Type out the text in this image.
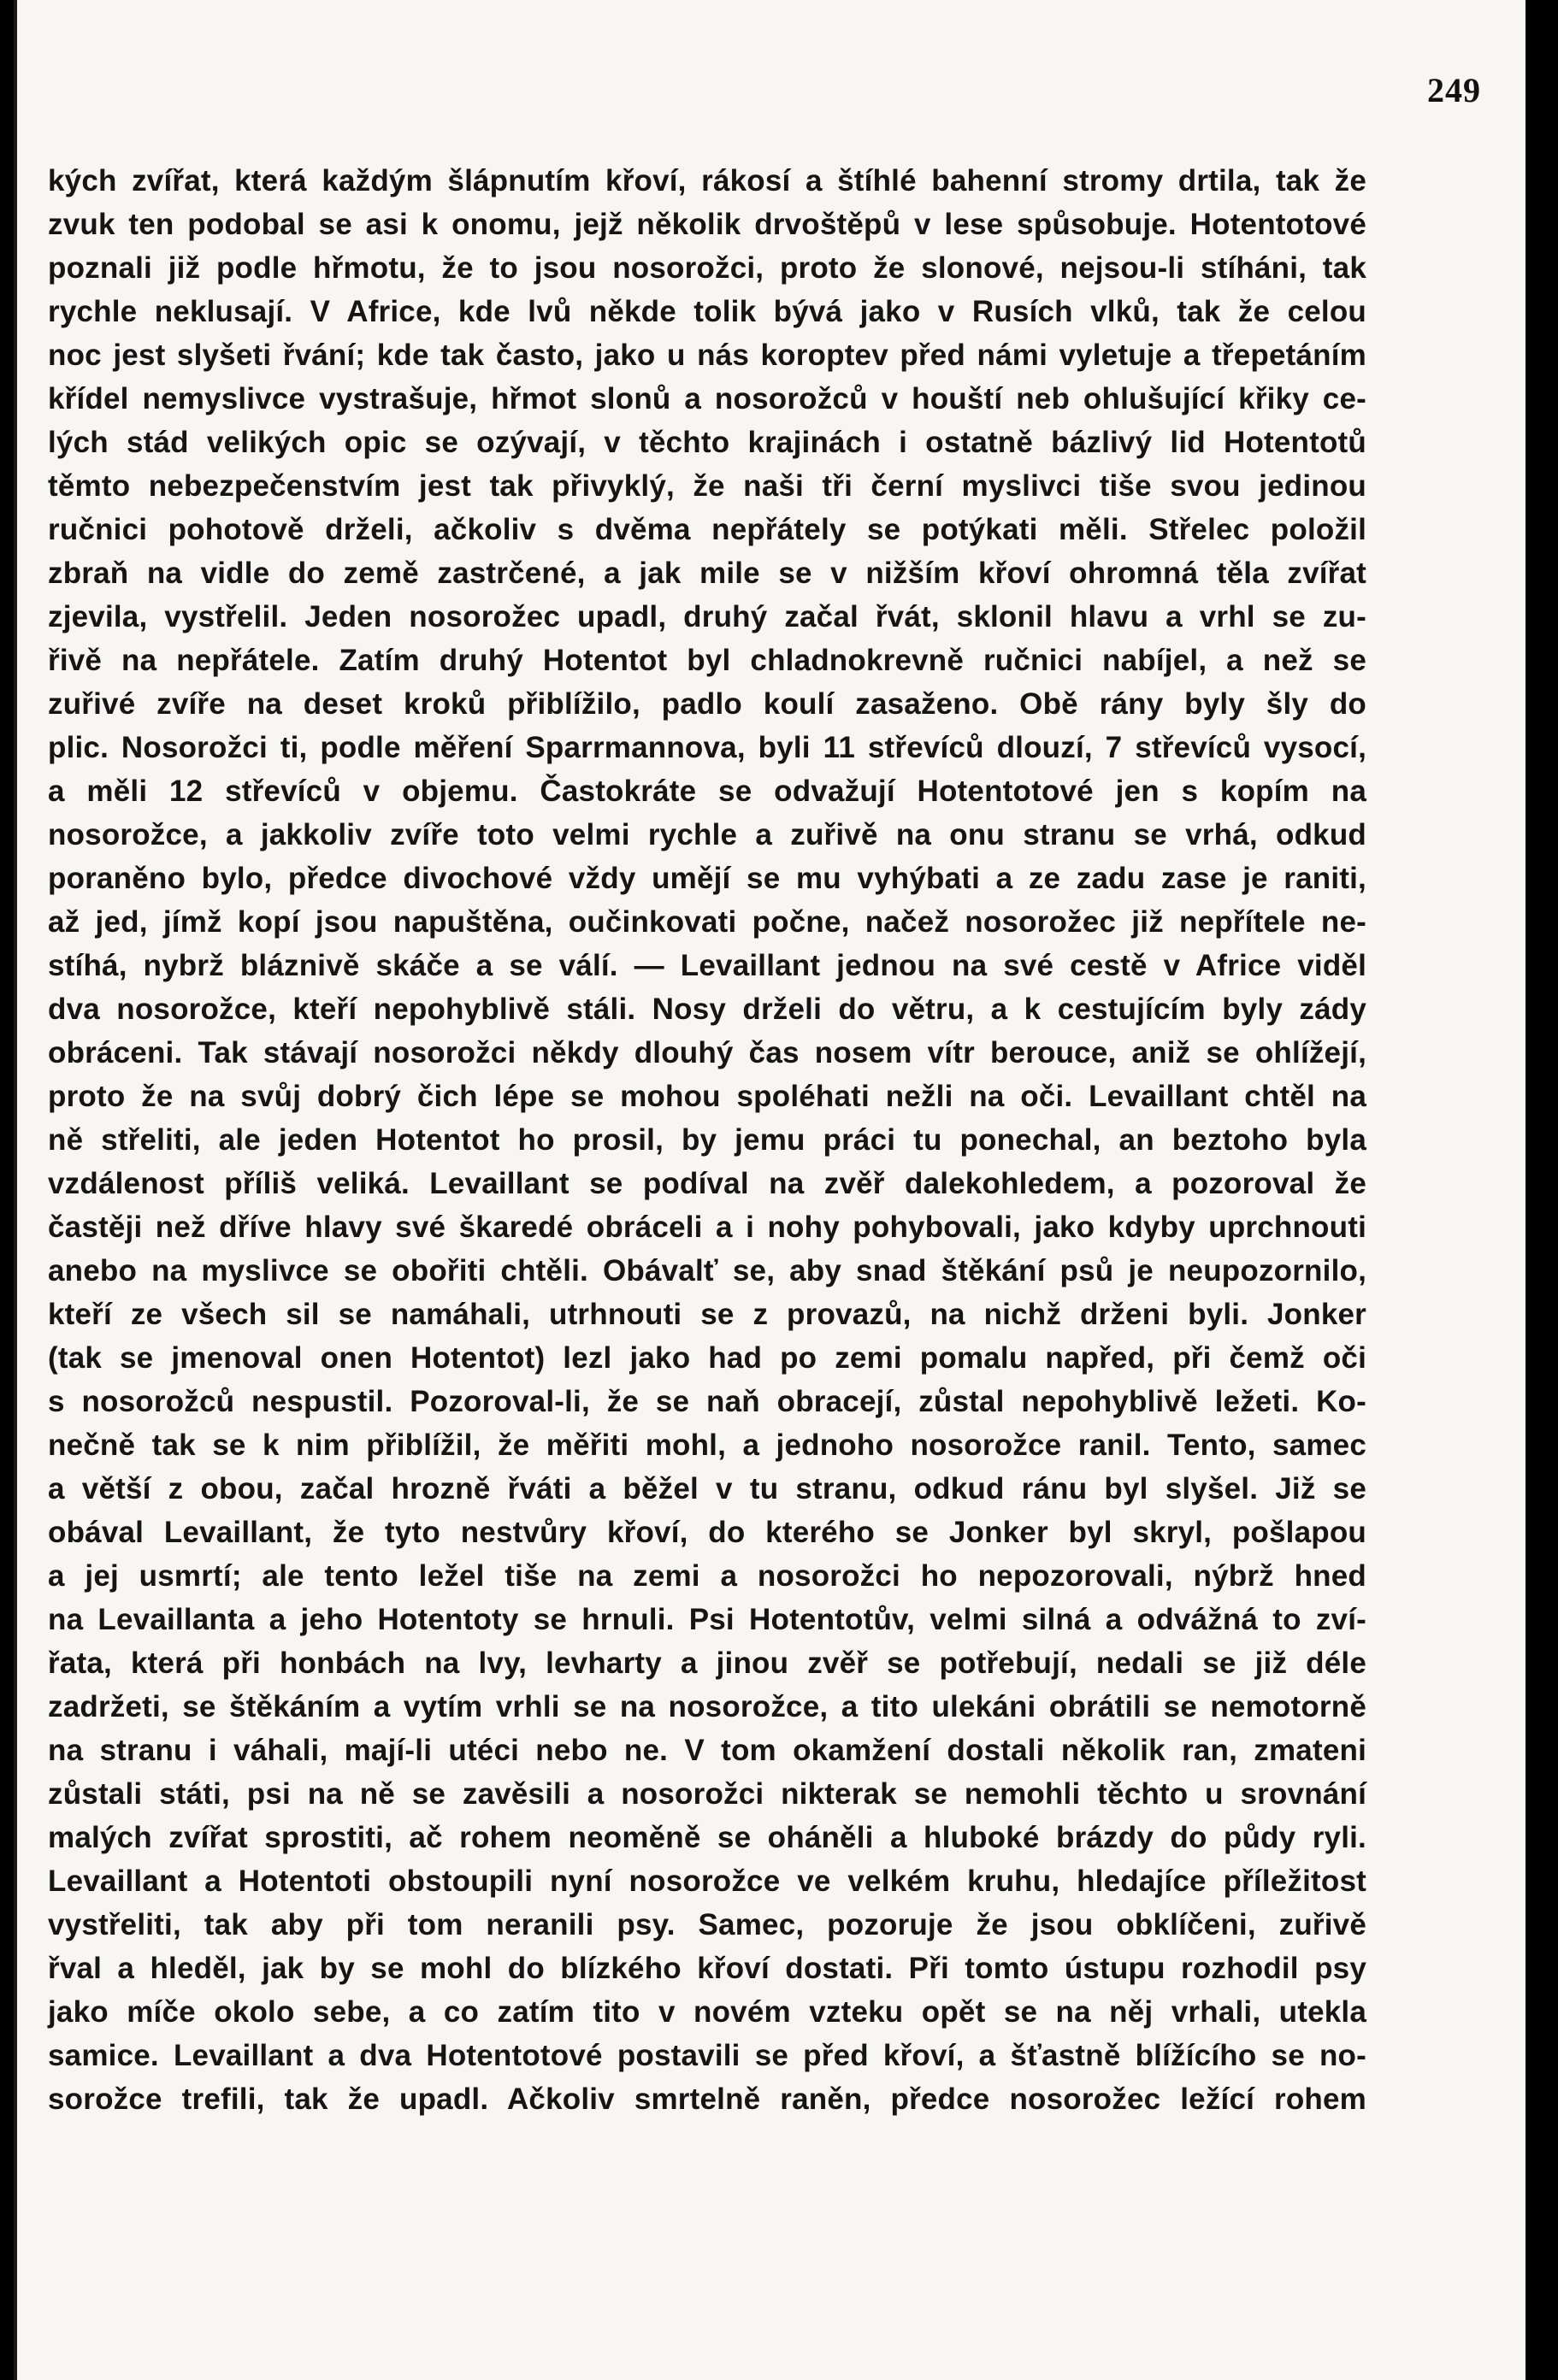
249
kých zvířat, která každým šlápnutím křoví, rákosí a štíhlé bahenní stromy drtila, tak že
zvuk ten podobal se asi k onomu, jejž několik drvoštěpů v lese spůsobuje. Hotentotové
poznali již podle hřmotu, že to jsou nosorožci, proto že slonové, nejsou-li stíháni, tak
rychle neklusají. V Africe, kde lvů někde tolik bývá jako v Rusích vlků, tak že celou
noc jest slyšeti řvání; kde tak často, jako u nás koroptev před námi vyletuje a třepetáním
křídel nemyslivce vystrašuje, hřmot slonů a nosorožců v houští neb ohlušující křiky ce-
lých stád velikých opic se ozývají, v těchto krajinách i ostatně bázlivý lid Hotentotů
těmto nebezpečenstvím jest tak přivyklý, že naši tři černí myslivci tiše svou jedinou
ručnici pohotově drželi, ačkoliv s dvěma nepřátely se potýkati měli. Střelec položil
zbraň na vidle do země zastrčené, a jak mile se v nižším křoví ohromná těla zvířat
zjevila, vystřelil. Jeden nosorožec upadl, druhý začal řvát, sklonil hlavu a vrhl se zu-
řivě na nepřátele. Zatím druhý Hotentot byl chladnokrevně ručnici nabíjel, a než se
zuřivé zvíře na deset kroků přiblížilo, padlo koulí zasaženo. Obě rány byly šly do
plic. Nosorožci ti, podle měření Sparrmannova, byli 11 střevíců dlouzí, 7 střevíců vysocí,
a měli 12 střevíců v objemu. Častokráte se odvažují Hotentotové jen s kopím na
nosorožce, a jakkoliv zvíře toto velmi rychle a zuřivě na onu stranu se vrhá, odkud
poraněno bylo, předce divochové vždy umějí se mu vyhýbati a ze zadu zase je raniti,
až jed, jímž kopí jsou napuštěna, oučinkovati počne, načež nosorožec již nepřítele ne-
stíhá, nybrž bláznivě skáče a se válí. — Levaillant jednou na své cestě v Africe viděl
dva nosorožce, kteří nepohyblivě stáli. Nosy drželi do větru, a k cestujícím byly zády
obráceni. Tak stávají nosorožci někdy dlouhý čas nosem vítr berouce, aniž se ohlížejí,
proto že na svůj dobrý čich lépe se mohou spoléhati nežli na oči. Levaillant chtěl na
ně střeliti, ale jeden Hotentot ho prosil, by jemu práci tu ponechal, an beztoho byla
vzdálenost příliš veliká. Levaillant se podíval na zvěř dalekohledem, a pozoroval že
častěji než dříve hlavy své škaredé obráceli a i nohy pohybovali, jako kdyby uprchnouti
anebo na myslivce se obořiti chtěli. Obávalť se, aby snad štěkání psů je neupozornilo,
kteří ze všech sil se namáhali, utrhnouti se z provazů, na nichž drženi byli. Jonker
(tak se jmenoval onen Hotentot) lezl jako had po zemi pomalu napřed, při čemž oči
s nosorožců nespustil. Pozoroval-li, že se naň obracejí, zůstal nepohyblivě ležeti. Ko-
nečně tak se k nim přiblížil, že měřiti mohl, a jednoho nosorožce ranil. Tento, samec
a větší z obou, začal hrozně řváti a běžel v tu stranu, odkud ránu byl slyšel. Již se
obával Levaillant, že tyto nestvůry křoví, do kterého se Jonker byl skryl, pošlapou
a jej usmrtí; ale tento ležel tiše na zemi a nosorožci ho nepozorovali, nýbrž hned
na Levaillanta a jeho Hotentoty se hrnuli. Psi Hotentotův, velmi silná a odvážná to zví-
řata, která při honbách na lvy, levharty a jinou zvěř se potřebují, nedali se již déle
zadržeti, se štěkáním a vytím vrhli se na nosorožce, a tito ulekáni obrátili se nemotorně
na stranu i váhali, mají-li utéci nebo ne. V tom okamžení dostali několik ran, zmateni
zůstali státi, psi na ně se zavěsili a nosorožci nikterak se nemohli těchto u srovnání
malých zvířat sprostiti, ač rohem neoměně se oháněli a hluboké brázdy do půdy ryli.
Levaillant a Hotentoti obstoupili nyní nosorožce ve velkém kruhu, hledajíce příležitost
vystřeliti, tak aby při tom neranili psy. Samec, pozoruje že jsou obklíčeni, zuřivě
řval a hleděl, jak by se mohl do blízkého křoví dostati. Při tomto ústupu rozhodil psy
jako míče okolo sebe, a co zatím tito v novém vzteku opět se na něj vrhali, utekla
samice. Levaillant a dva Hotentotové postavili se před křoví, a šťastně blížícího se no-
sorožce trefili, tak že upadl. Ačkoliv smrtelně raněn, předce nosorožec ležící rohem
